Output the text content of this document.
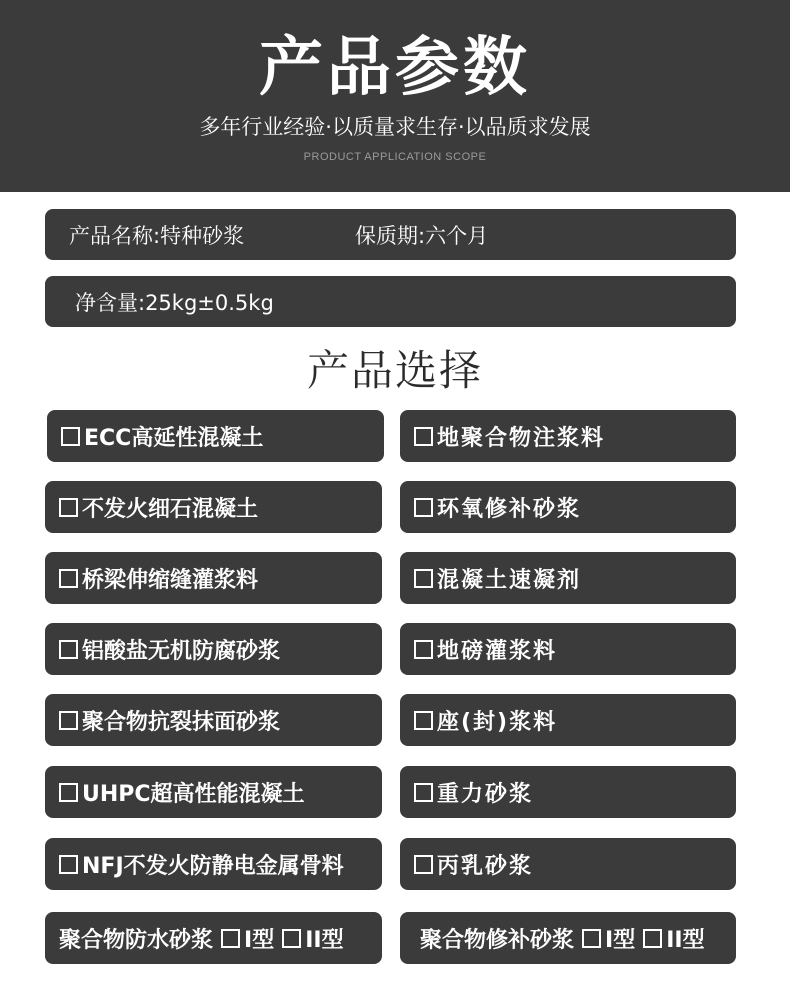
产品参数
多年行业经验·以质量求生存·以品质求发展
PRODUCT APPLICATION SCOPE
产品名称:特种砂浆	保质期:六个月
净含量:25kg±0.5kg
产品选择
ECC高延性混凝土
不发火细石混凝土
桥梁伸缩缝灌浆料
铝酸盐无机防腐砂浆
聚合物抗裂抹面砂浆
UHPC超高性能混凝土
NFJ不发火防静电金属骨料
聚合物防水砂浆 I型 II型
地聚合物注浆料
环氧修补砂浆
混凝土速凝剂
地磅灌浆料
座(封)浆料
重力砂浆
丙乳砂浆
聚合物修补砂浆 I型 II型
